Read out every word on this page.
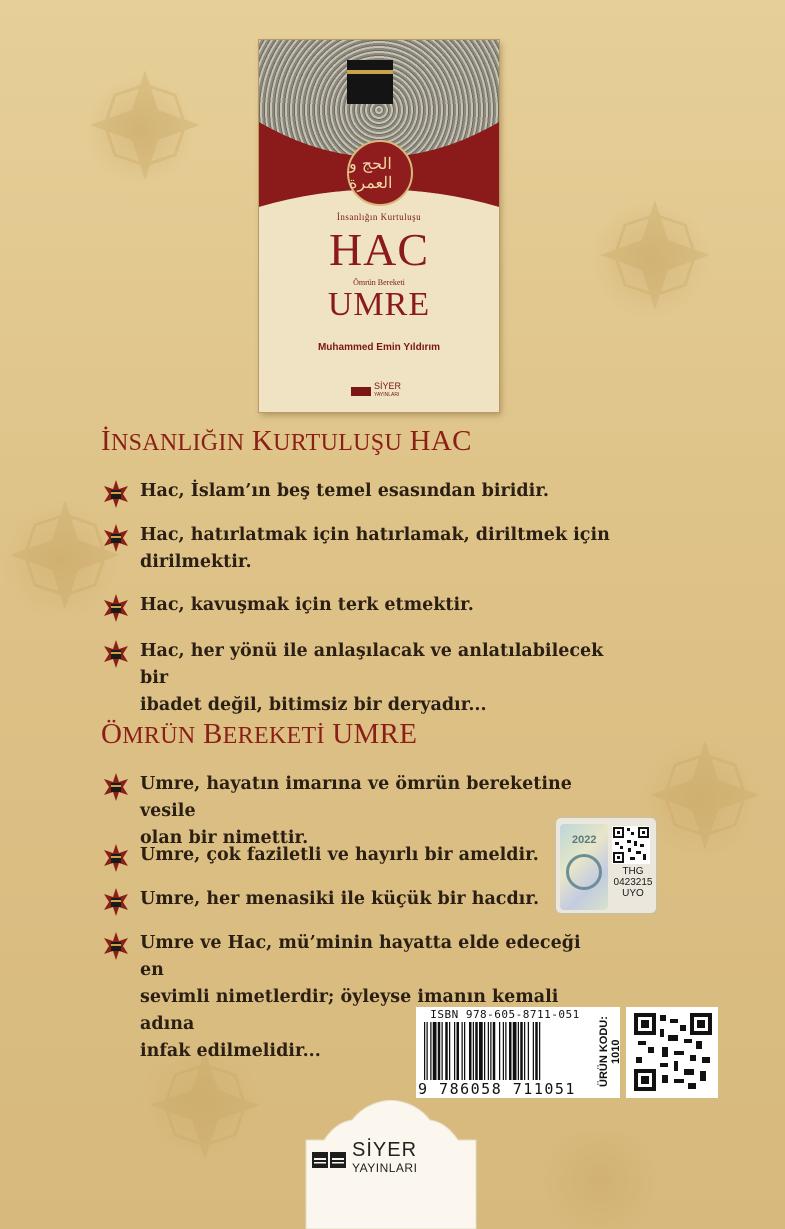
الحج و العمرة
İnsanlığın Kurtuluşu
HAC
Ömrün Bereketi
UMRE
Muhammed Emin Yıldırım
SİYER
YAYINLARI
İNSANLIĞIN KURTULUŞU HAC
Hac, İslam’ın beş temel esasından biridir.
Hac, hatırlatmak için hatırlamak, diriltmek için
dirilmektir.
Hac, kavuşmak için terk etmektir.
Hac, her yönü ile anlaşılacak ve anlatılabilecek bir
ibadet değil, bitimsiz bir deryadır...
ÖMRÜN BEREKETİ UMRE
Umre, hayatın imarına ve ömrün bereketine vesile
olan bir nimettir.
Umre, çok faziletli ve hayırlı bir ameldir.
Umre, her menasiki ile küçük bir hacdır.
Umre ve Hac, mü’minin hayatta elde edeceği en
sevimli nimetlerdir; öyleyse imanın kemali adına
infak edilmelidir...
2022
THG
0423215
UYO
ISBN 978-605-8711-051
9 786058 711051
ÜRÜN KODU: 1010
SİYER
YAYINLARI
